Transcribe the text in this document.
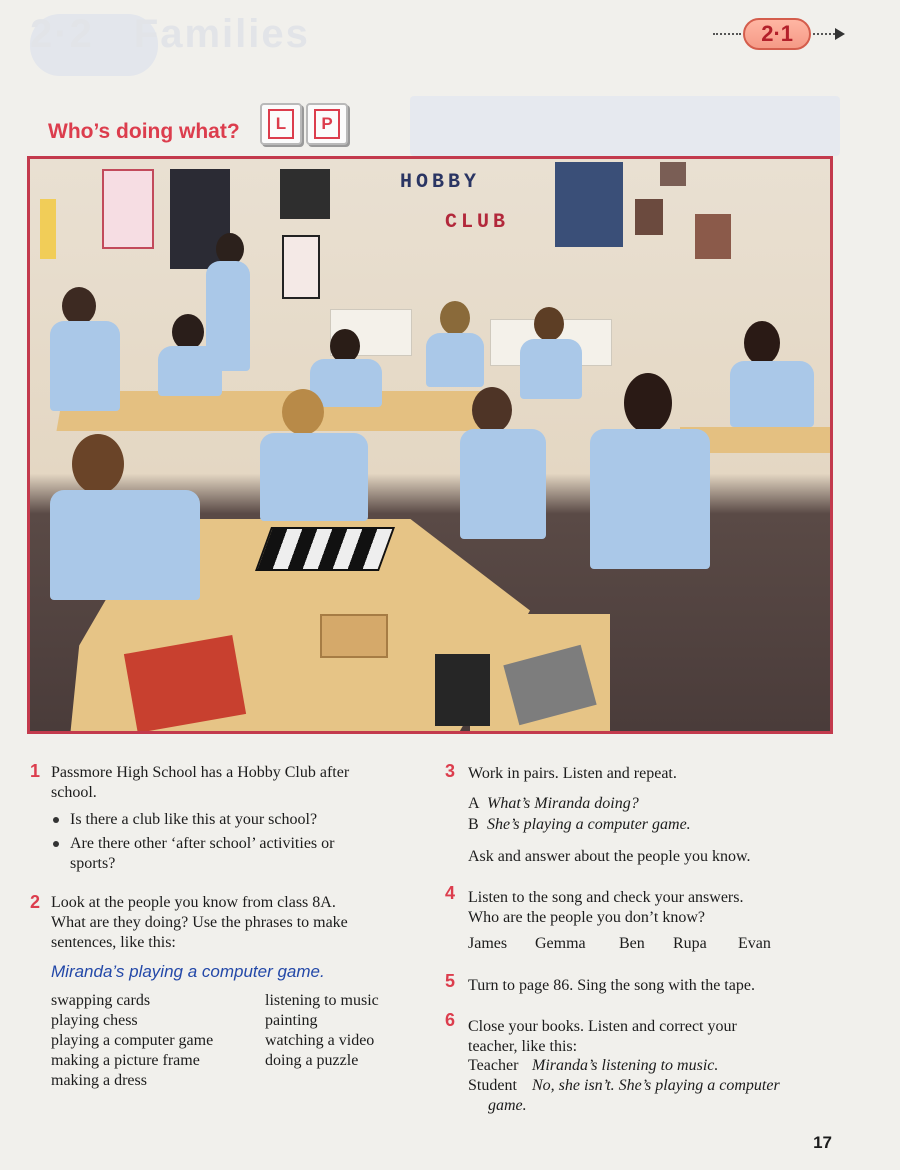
2·2 Families	2·1
Who’s doing what?	L	P
HOBBY
CLUB
1 Passmore High School has a Hobby Club after
school.
Is there a club like this at your school?
Are there other ‘after school’ activities or
sports?
2 Look at the people you know from class 8A.
What are they doing? Use the phrases to make
sentences, like this:
Miranda’s playing a computer game.
swapping cards
playing chess
playing a computer game
making a picture frame
making a dress
listening to music
painting
watching a video
doing a puzzle
3 Work in pairs. Listen and repeat.
A What’s Miranda doing?
B She’s playing a computer game.
Ask and answer about the people you know.
4 Listen to the song and check your answers.
Who are the people you don’t know?
James	Gemma	Ben	Rupa	Evan
5 Turn to page 86. Sing the song with the tape.
6 Close your books. Listen and correct your
teacher, like this:
Teacher Miranda’s listening to music.
Student No, she isn’t. She’s playing a computer
game.
17
